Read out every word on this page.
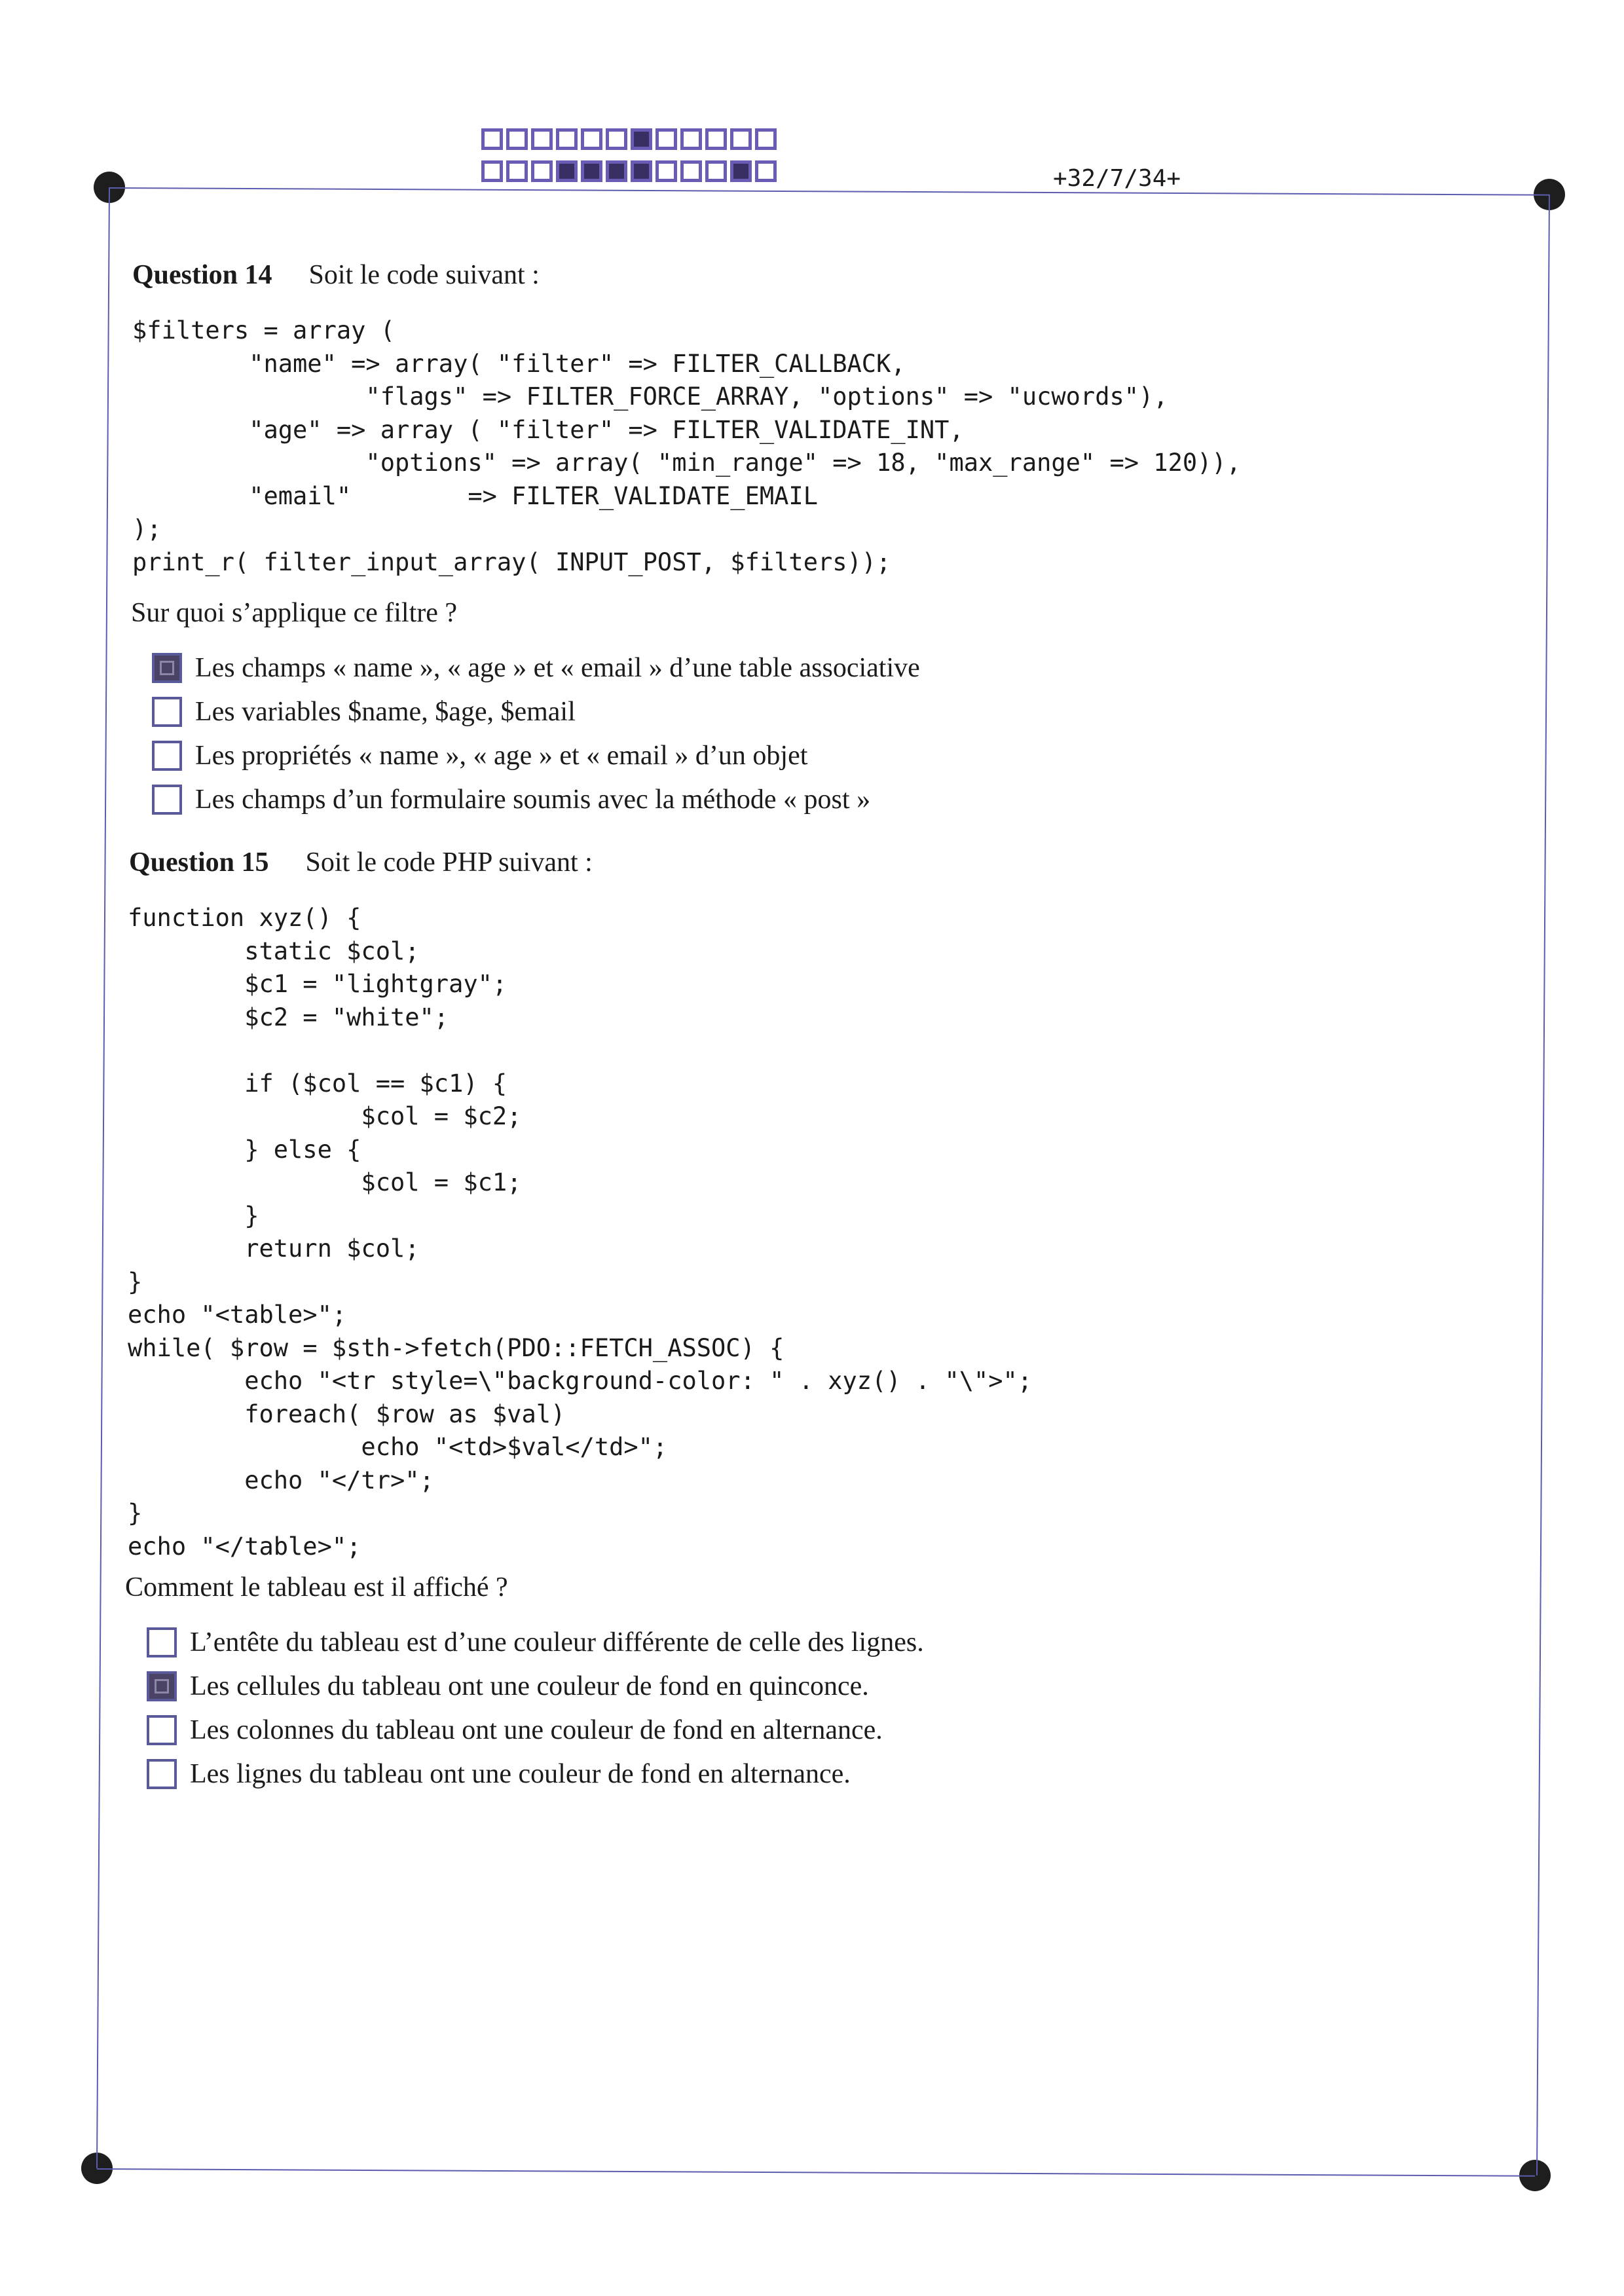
+32/7/34+
Question 14 Soit le code suivant :
$filters = array (
"name" => array( "filter" => FILTER_CALLBACK,
"flags" => FILTER_FORCE_ARRAY, "options" => "ucwords"),
"age" => array ( "filter" => FILTER_VALIDATE_INT,
"options" => array( "min_range" => 18, "max_range" => 120)),
"email"        => FILTER_VALIDATE_EMAIL
);
print_r( filter_input_array( INPUT_POST, $filters));
Sur quoi s’applique ce filtre ?
Les champs « name », « age » et « email » d’une table associative
Les variables $name, $age, $email
Les propriétés « name », « age » et « email » d’un objet
Les champs d’un formulaire soumis avec la méthode « post »
Question 15 Soit le code PHP suivant :
function xyz() {
static $col;
$c1 = "lightgray";
$c2 = "white";

if ($col == $c1) {
$col = $c2;
} else {
$col = $c1;
}
return $col;
}
echo "<table>";
while( $row = $sth->fetch(PDO::FETCH_ASSOC) {
echo "<tr style=\"background-color: " . xyz() . "\">";
foreach( $row as $val)
echo "<td>$val</td>";
echo "</tr>";
}
echo "</table>";
Comment le tableau est il affiché ?
L’entête du tableau est d’une couleur différente de celle des lignes.
Les cellules du tableau ont une couleur de fond en quinconce.
Les colonnes du tableau ont une couleur de fond en alternance.
Les lignes du tableau ont une couleur de fond en alternance.
